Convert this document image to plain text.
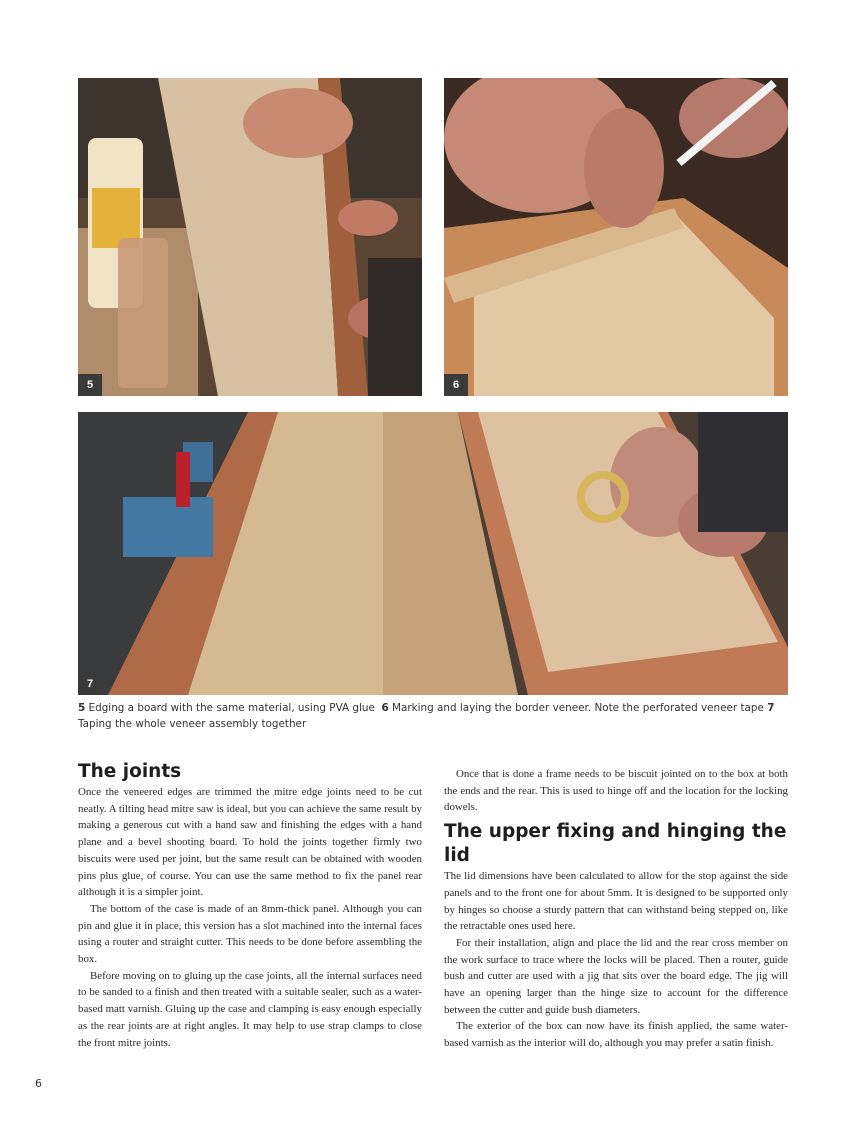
5	6
7
5 Edging a board with the same material, using PVA glue 6 Marking and laying the border veneer. Note the perforated veneer tape 7 Taping the whole veneer assembly together
The joints

Once the veneered edges are trimmed the mitre edge joints need to be cut neatly. A tilting head mitre saw is ideal, but you can achieve the same result by making a generous cut with a hand saw and finishing the edges with a hand plane and a bevel shooting board. To hold the joints together firmly two biscuits were used per joint, but the same result can be obtained with wooden pins plus glue, of course. You can use the same method to fix the panel rear although it is a simpler joint.

The bottom of the case is made of an 8mm-thick panel. Although you can pin and glue it in place, this version has a slot machined into the internal faces using a router and straight cutter. This needs to be done before assembling the box.

Before moving on to gluing up the case joints, all the internal surfaces need to be sanded to a finish and then treated with a suitable sealer, such as a water-based matt varnish. Gluing up the case and clamping is easy enough especially as the rear joints are at right angles. It may help to use strap clamps to close the front mitre joints.

Once that is done a frame needs to be biscuit jointed on to the box at both the ends and the rear. This is used to hinge off and the location for the locking dowels.

The upper fixing and hinging the lid

The lid dimensions have been calculated to allow for the stop against the side panels and to the front one for about 5mm. It is designed to be supported only by hinges so choose a sturdy pattern that can withstand being stepped on, like the retractable ones used here.

For their installation, align and place the lid and the rear cross member on the work surface to trace where the locks will be placed. Then a router, guide bush and cutter are used with a jig that sits over the board edge. The jig will have an opening larger than the hinge size to account for the difference between the cutter and guide bush diameters.

The exterior of the box can now have its finish applied, the same water-based varnish as the interior will do, although you may prefer a satin finish.

6
